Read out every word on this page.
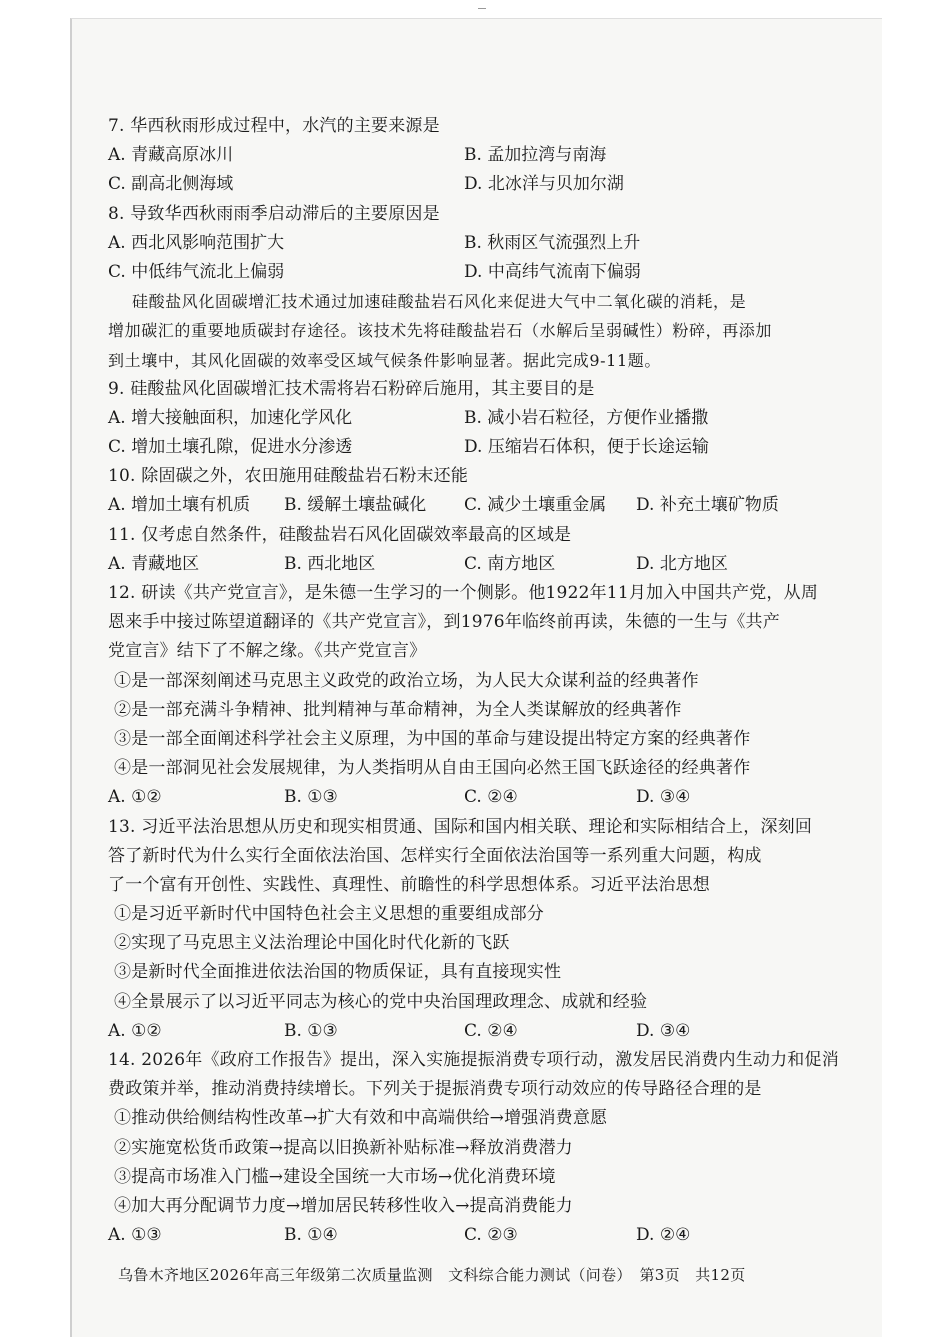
7. 华西秋雨形成过程中，水汽的主要来源是
A. 青藏高原冰川	B. 孟加拉湾与南海
C. 副高北侧海域	D. 北冰洋与贝加尔湖
8. 导致华西秋雨雨季启动滞后的主要原因是
A. 西北风影响范围扩大	B. 秋雨区气流强烈上升
C. 中低纬气流北上偏弱	D. 中高纬气流南下偏弱
硅酸盐风化固碳增汇技术通过加速硅酸盐岩石风化来促进大气中二氧化碳的消耗，是
增加碳汇的重要地质碳封存途径。该技术先将硅酸盐岩石（水解后呈弱碱性）粉碎，再添加
到土壤中，其风化固碳的效率受区域气候条件影响显著。据此完成9-11题。
9. 硅酸盐风化固碳增汇技术需将岩石粉碎后施用，其主要目的是
A. 增大接触面积，加速化学风化	B. 减小岩石粒径，方便作业播撒
C. 增加土壤孔隙，促进水分渗透	D. 压缩岩石体积，便于长途运输
10. 除固碳之外，农田施用硅酸盐岩石粉末还能
A. 增加土壤有机质 B. 缓解土壤盐碱化 C. 减少土壤重金属 D. 补充土壤矿物质
11. 仅考虑自然条件，硅酸盐岩石风化固碳效率最高的区域是
A. 青藏地区	B. 西北地区	C. 南方地区	D. 北方地区
12. 研读《共产党宣言》，是朱德一生学习的一个侧影。他1922年11月加入中国共产党，从周
恩来手中接过陈望道翻译的《共产党宣言》，到1976年临终前再读，朱德的一生与《共产
党宣言》结下了不解之缘。《共产党宣言》
①是一部深刻阐述马克思主义政党的政治立场，为人民大众谋利益的经典著作
②是一部充满斗争精神、批判精神与革命精神，为全人类谋解放的经典著作
③是一部全面阐述科学社会主义原理，为中国的革命与建设提出特定方案的经典著作
④是一部洞见社会发展规律，为人类指明从自由王国向必然王国飞跃途径的经典著作
A. ①②	B. ①③	C. ②④	D. ③④
13. 习近平法治思想从历史和现实相贯通、国际和国内相关联、理论和实际相结合上，深刻回
答了新时代为什么实行全面依法治国、怎样实行全面依法治国等一系列重大问题，构成
了一个富有开创性、实践性、真理性、前瞻性的科学思想体系。习近平法治思想
①是习近平新时代中国特色社会主义思想的重要组成部分
②实现了马克思主义法治理论中国化时代化新的飞跃
③是新时代全面推进依法治国的物质保证，具有直接现实性
④全景展示了以习近平同志为核心的党中央治国理政理念、成就和经验
A. ①②	B. ①③	C. ②④	D. ③④
14. 2026年《政府工作报告》提出，深入实施提振消费专项行动，激发居民消费内生动力和促消
费政策并举，推动消费持续增长。下列关于提振消费专项行动效应的传导路径合理的是
①推动供给侧结构性改革→扩大有效和中高端供给→增强消费意愿
②实施宽松货币政策→提高以旧换新补贴标准→释放消费潜力
③提高市场准入门槛→建设全国统一大市场→优化消费环境
④加大再分配调节力度→增加居民转移性收入→提高消费能力
A. ①③	B. ①④	C. ②③	D. ②④
乌鲁木齐地区2026年高三年级第二次质量监测　文科综合能力测试（问卷）　第3页　共12页
